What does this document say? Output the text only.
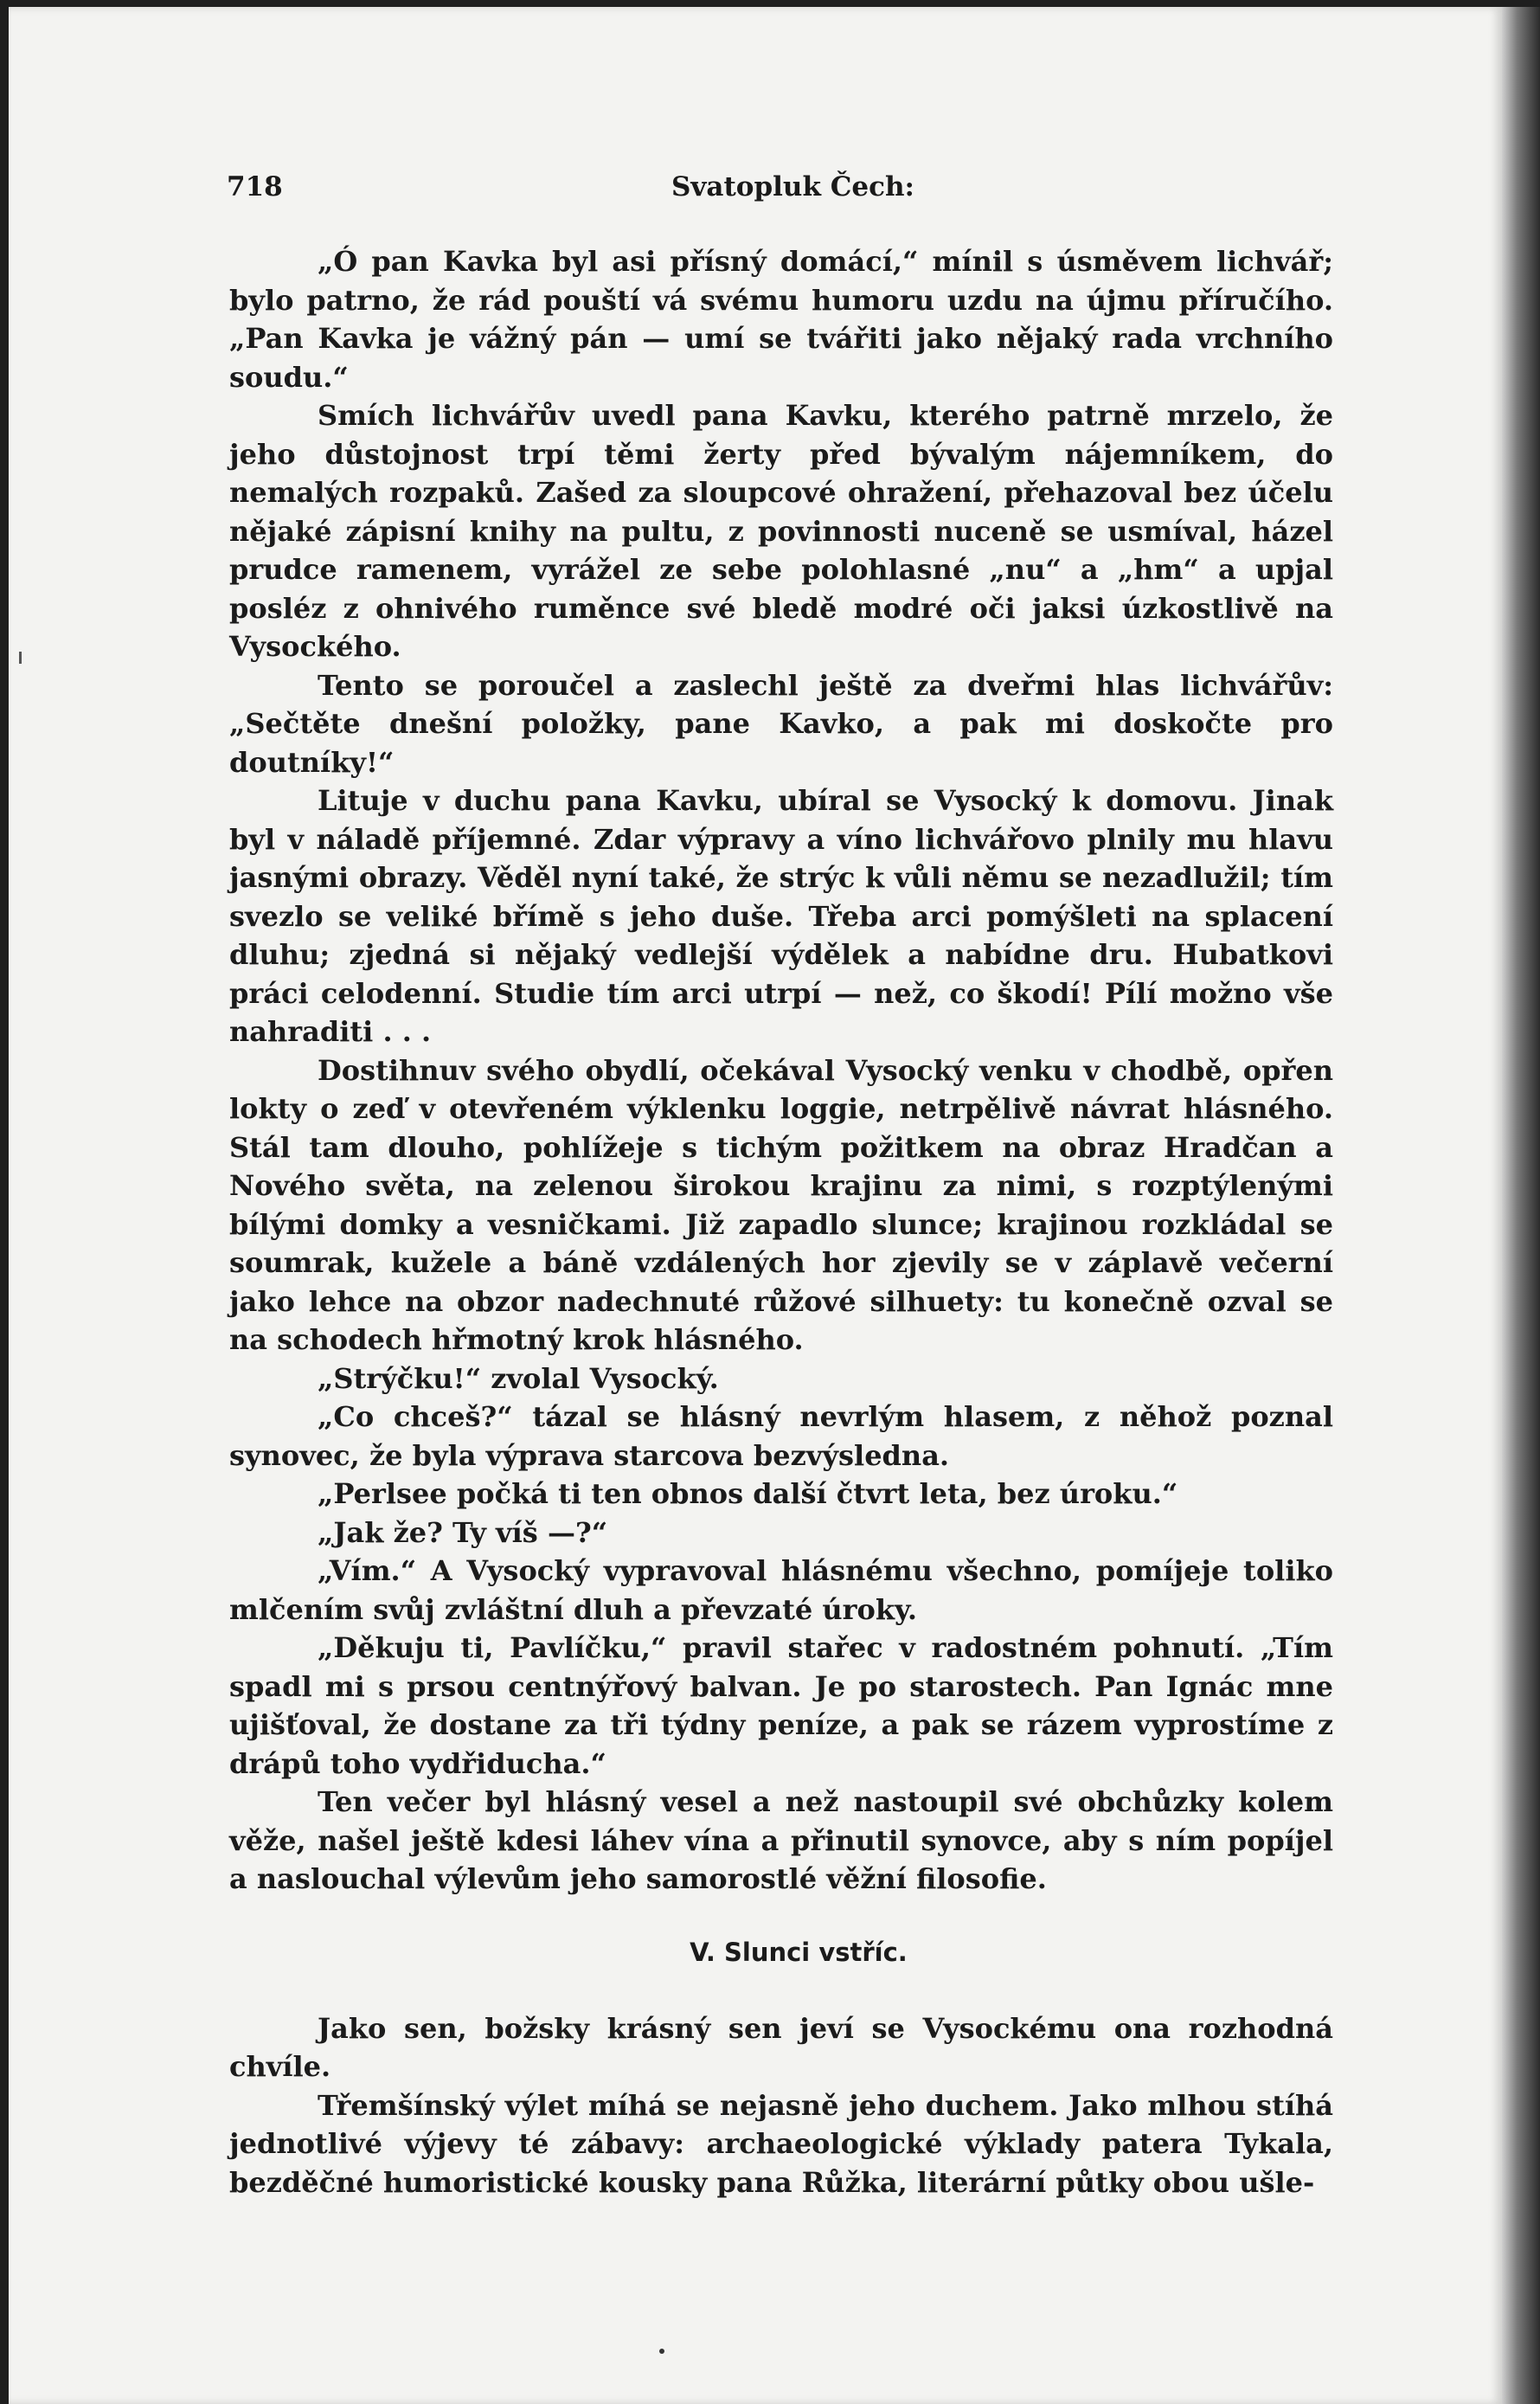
718	Svatopluk Čech:

„Ó pan Kavka byl asi přísný domácí,“ mínil s úsměvem lichvář; bylo patrno, že rád pouští vá svému humoru uzdu na újmu příručího. „Pan Kavka je vážný pán — umí se tvářiti jako nějaký rada vrchního soudu.“

Smích lichvářův uvedl pana Kavku, kterého patrně mrzelo, že jeho důstojnost trpí těmi žerty před bývalým nájemníkem, do nemalých rozpaků. Zašed za sloupcové ohražení, přehazoval bez účelu nějaké zápisní knihy na pultu, z povinnosti nuceně se usmíval, házel prudce ramenem, vyrážel ze sebe polohlasné „nu“ a „hm“ a upjal posléz z ohnivého ruměnce své bledě modré oči jaksi úzkostlivě na Vysockého.

Tento se poroučel a zaslechl ještě za dveřmi hlas lichvářův: „Sečtěte dnešní položky, pane Kavko, a pak mi doskočte pro doutníky!“

Lituje v duchu pana Kavku, ubíral se Vysocký k domovu. Jinak byl v náladě příjemné. Zdar výpravy a víno lichvářovo plnily mu hlavu jasnými obrazy. Věděl nyní také, že strýc k vůli němu se nezadlužil; tím svezlo se veliké břímě s jeho duše. Třeba arci pomýšleti na splacení dluhu; zjedná si nějaký vedlejší výdělek a nabídne dru. Hubatkovi práci celodenní. Studie tím arci utrpí — než, co škodí! Pílí možno vše nahraditi . . .

Dostihnuv svého obydlí, očekával Vysocký venku v chodbě, opřen lokty o zeď v otevřeném výklenku loggie, netrpělivě návrat hlásného. Stál tam dlouho, pohlížeje s tichým požitkem na obraz Hradčan a Nového světa, na zelenou širokou krajinu za nimi, s rozptýlenými bílými domky a vesničkami. Již zapadlo slunce; krajinou rozkládal se soumrak, kužele a báně vzdálených hor zjevily se v záplavě večerní jako lehce na obzor nadechnuté růžové silhuety: tu konečně ozval se na schodech hřmotný krok hlásného.

„Strýčku!“ zvolal Vysocký.

„Co chceš?“ tázal se hlásný nevrlým hlasem, z něhož poznal synovec, že byla výprava starcova bezvýsledna.

„Perlsee počká ti ten obnos další čtvrt leta, bez úroku.“

„Jak že? Ty víš —?“

„Vím.“ A Vysocký vypravoval hlásnému všechno, pomíjeje toliko mlčením svůj zvláštní dluh a převzaté úroky.

„Děkuju ti, Pavlíčku,“ pravil stařec v radostném pohnutí. „Tím spadl mi s prsou centnýřový balvan. Je po starostech. Pan Ignác mne ujišťoval, že dostane za tři týdny peníze, a pak se rázem vyprostíme z drápů toho vydřiducha.“

Ten večer byl hlásný vesel a než nastoupil své obchůzky kolem věže, našel ještě kdesi láhev vína a přinutil synovce, aby s ním popíjel a naslouchal výlevům jeho samorostlé věžní filosofie.

V. Slunci vstříc.

Jako sen, božsky krásný sen jeví se Vysockému ona rozhodná chvíle.

Třemšínský výlet míhá se nejasně jeho duchem. Jako mlhou stíhá jednotlivé výjevy té zábavy: archaeologické výklady patera Tykala, bezděčné humoristické kousky pana Růžka, literární půtky obou ušle-
